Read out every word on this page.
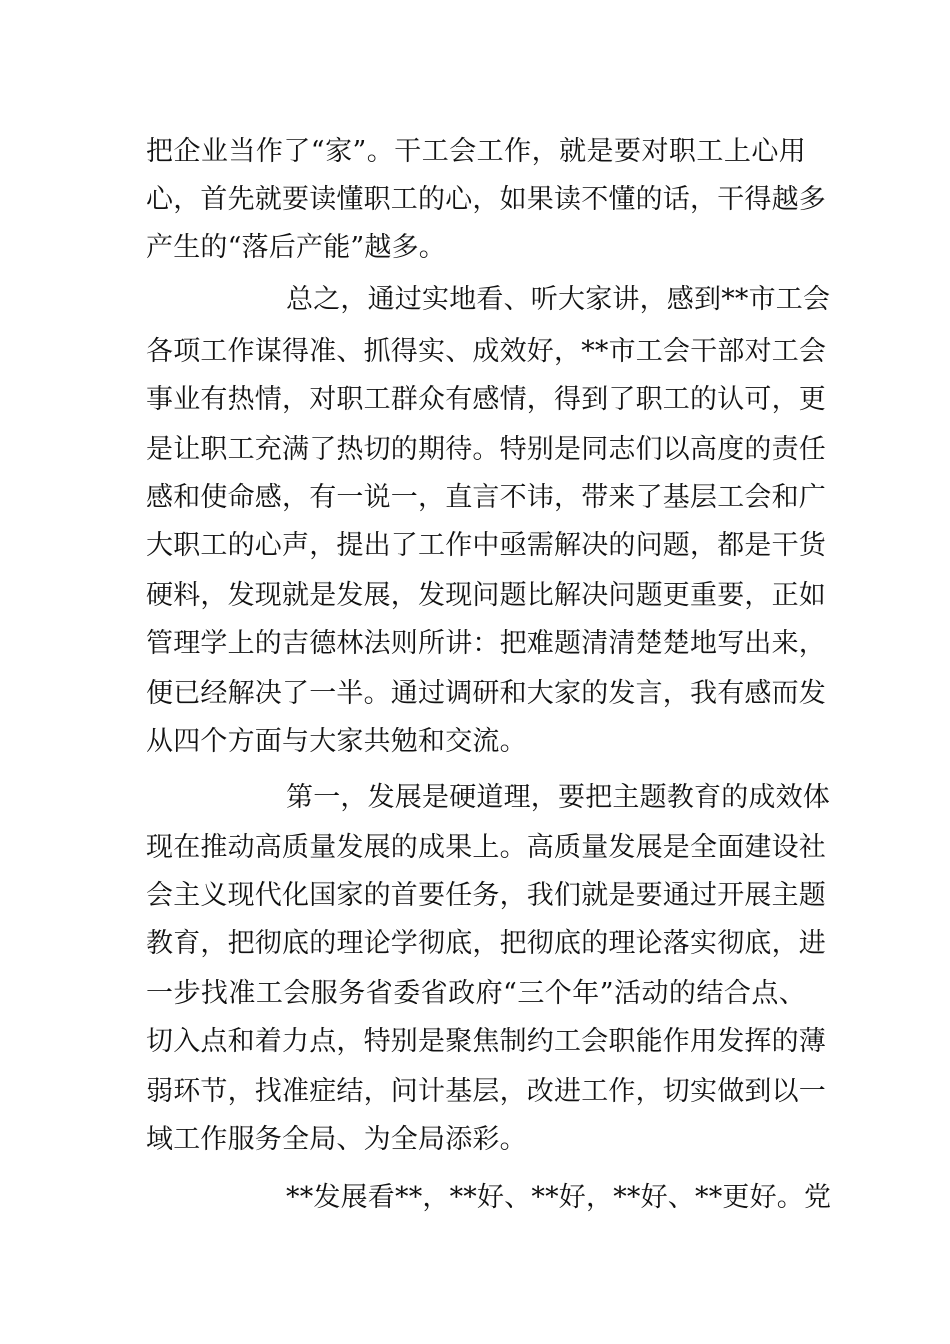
把企业当作了“家”。干工会工作，就是要对职工上心用
心，首先就要读懂职工的心，如果读不懂的话，干得越多
产生的“落后产能”越多。
总之，通过实地看、听大家讲，感到**市工会
各项工作谋得准、抓得实、成效好，**市工会干部对工会
事业有热情，对职工群众有感情，得到了职工的认可，更
是让职工充满了热切的期待。特别是同志们以高度的责任
感和使命感，有一说一，直言不讳，带来了基层工会和广
大职工的心声，提出了工作中亟需解决的问题，都是干货
硬料，发现就是发展，发现问题比解决问题更重要，正如
管理学上的吉德林法则所讲：把难题清清楚楚地写出来，
便已经解决了一半。通过调研和大家的发言，我有感而发
从四个方面与大家共勉和交流。
第一，发展是硬道理，要把主题教育的成效体
现在推动高质量发展的成果上。高质量发展是全面建设社
会主义现代化国家的首要任务，我们就是要通过开展主题
教育，把彻底的理论学彻底，把彻底的理论落实彻底，进
一步找准工会服务省委省政府“三个年”活动的结合点、
切入点和着力点，特别是聚焦制约工会职能作用发挥的薄
弱环节，找准症结，问计基层，改进工作，切实做到以一
域工作服务全局、为全局添彩。
**发展看**，**好、**好，**好、**更好。党
